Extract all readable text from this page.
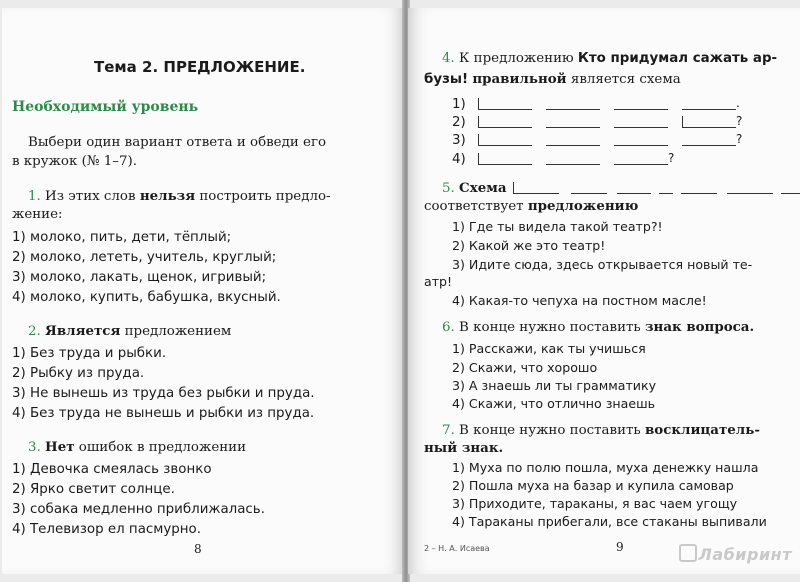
Тема 2. ПРЕДЛОЖЕНИЕ.
Необходимый уровень
Выбери один вариант ответа и обведи его
в кружок (№ 1–7).
1. Из этих слов нельзя построить предло-
жение:
1) молоко, пить, дети, тёплый;
2) молоко, лететь, учитель, круглый;
3) молоко, лакать, щенок, игривый;
4) молоко, купить, бабушка, вкусный.
2. Является предложением
1) Без труда и рыбки.
2) Рыбку из пруда.
3) Не вынешь из труда без рыбки и пруда.
4) Без труда не вынешь и рыбки из пруда.
3. Нет ошибок в предложении
1) Девочка смеялась звонко
2) Ярко светит солнце.
3) собака медленно приближалась.
4) Телевизор ел пасмурно.
8
4. К предложению Кто придумал сажать ар-
бузы! правильной является схема
1)	.
2)	?
3)	?
4)	?
5. Схема
соответствует предложению
1) Где ты видела такой театр?!
2) Какой же это театр!
3) Идите сюда, здесь открывается новый те-
атр!
4) Какая-то чепуха на постном масле!
6. В конце нужно поставить знак вопроса.
1) Расскажи, как ты учишься
2) Скажи, что хорошо
3) А знаешь ли ты грамматику
4) Скажи, что отлично знаешь
7. В конце нужно поставить восклицатель-
ный знак.
1) Муха по полю пошла, муха денежку нашла
2) Пошла муха на базар и купила самовар
3) Приходите, тараканы, я вас чаем угощу
4) Тараканы прибегали, все стаканы выпивали
2 – Н. А. Исаева	9	Лабиринт
